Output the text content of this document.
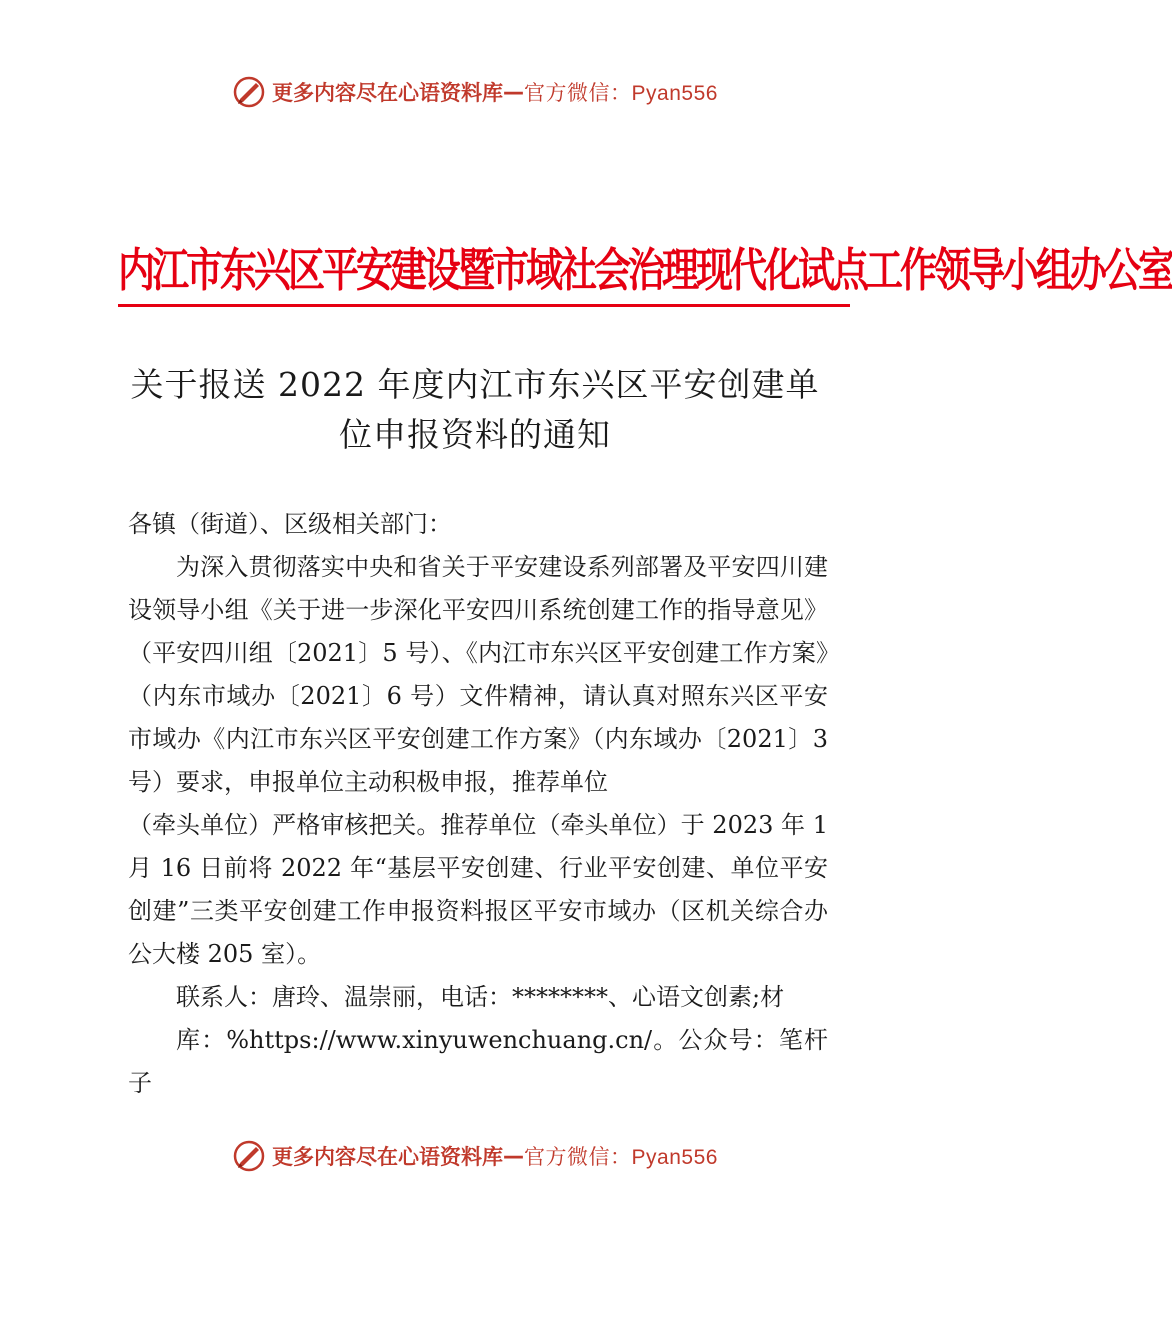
更多内容尽在心语资料库 — 官方微信：Pyan556
内江市东兴区平安建设暨市域社会治理现代化试点工作领导小组办公室
关于报送 2022 年度内江市东兴区平安创建单
位申报资料的通知

各镇（街道）、区级相关部门：

为深入贯彻落实中央和省关于平安建设系列部署及平安四川建设领导小组《关于进一步深化平安四川系统创建工作的指导意见》（平安四川组〔2021〕5 号）、《内江市东兴区平安创建工作方案》（内东市域办〔2021〕6 号）文件精神，请认真对照东兴区平安市域办《内江市东兴区平安创建工作方案》（内东域办〔2021〕3 号）要求，申报单位主动积极申报，推荐单位

（牵头单位）严格审核把关。推荐单位（牵头单位）于 2023 年 1 月 16 日前将 2022 年“基层平安创建、行业平安创建、单位平安创建”三类平安创建工作申报资料报区平安市域办（区机关综合办公大楼 205 室）。

联系人：唐玲、温崇丽，电话：********、心语文创素;材

库：%https://www.xinyuwenchuang.cn/。公众号：笔杆子

更多内容尽在心语资料库 — 官方微信：Pyan556
